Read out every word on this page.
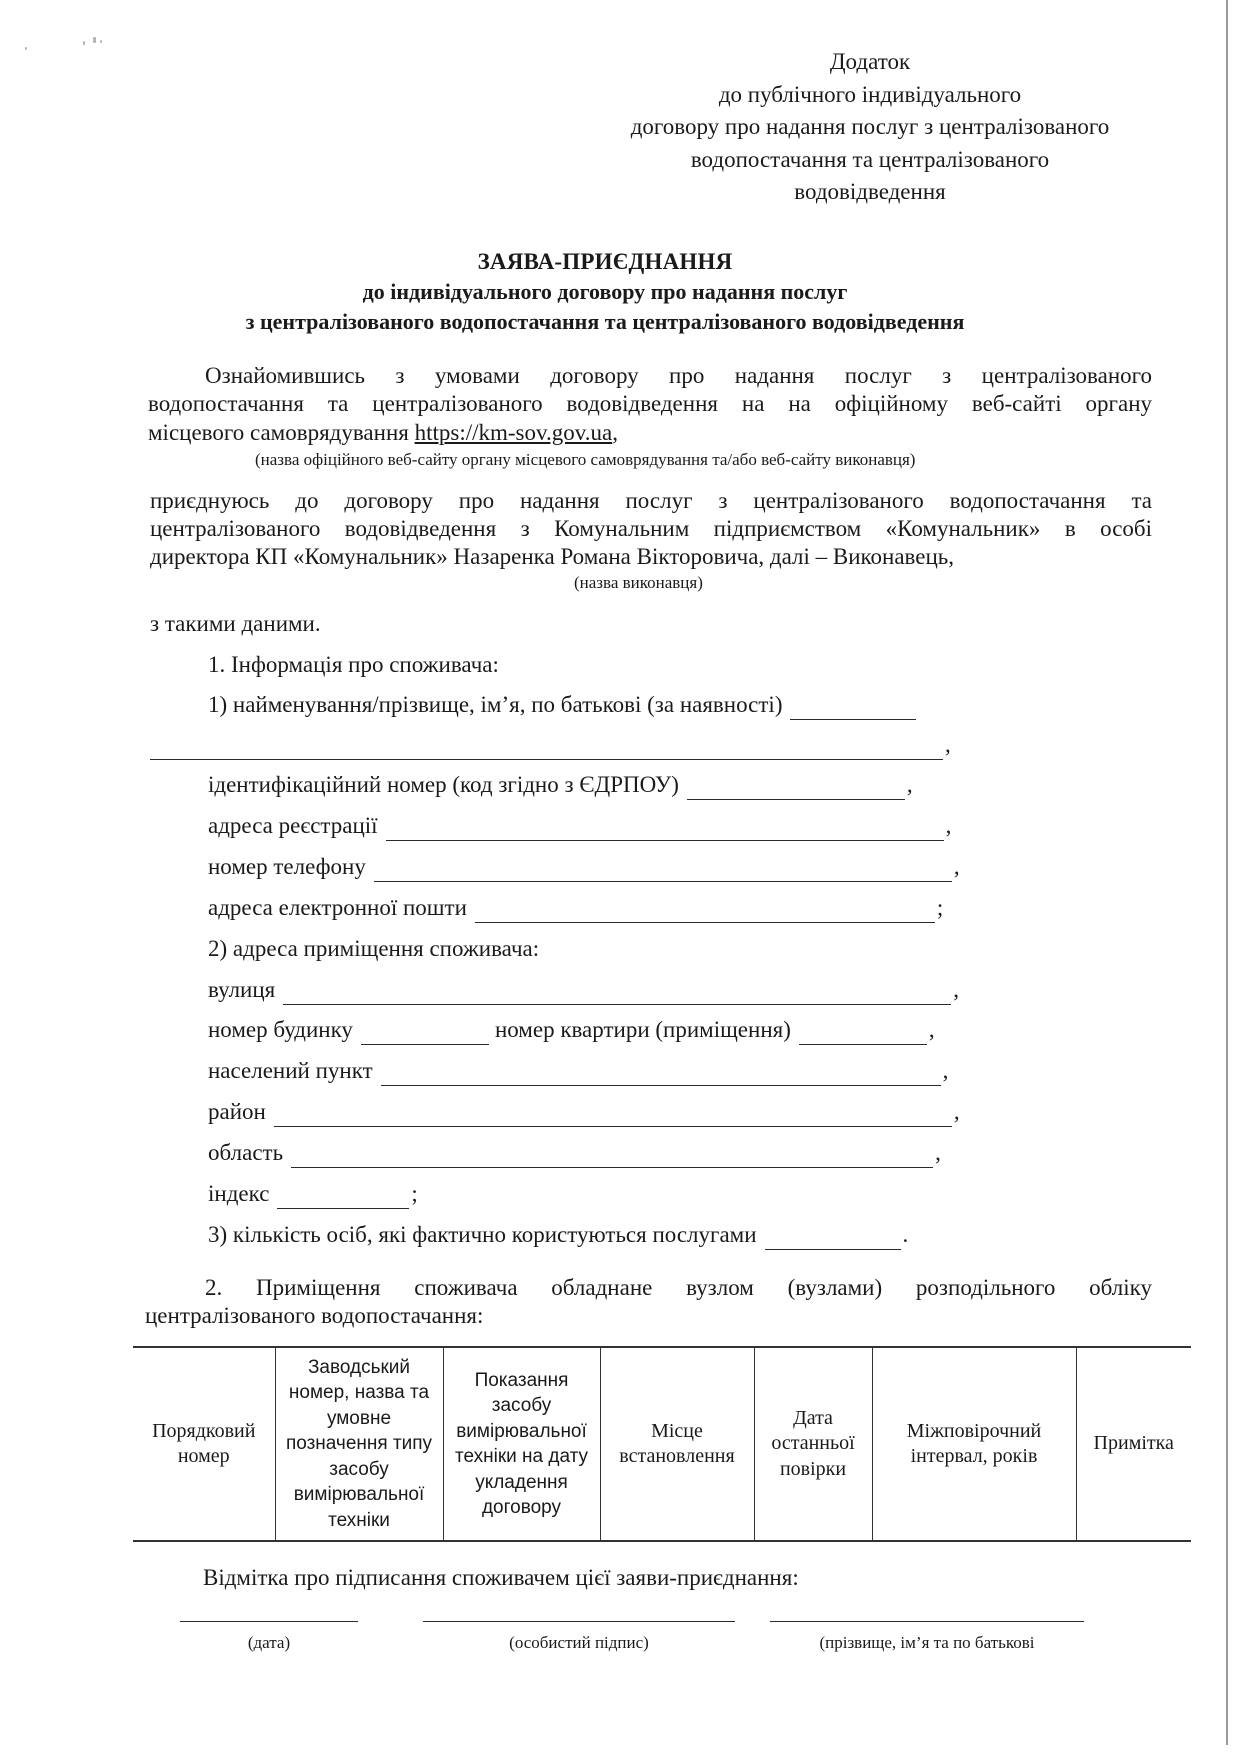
Додаток
до публічного індивідуального
договору про надання послуг з централізованого
водопостачання та централізованого
водовідведення
ЗАЯВА-ПРИЄДНАННЯ
до індивідуального договору про надання послуг
з централізованого водопостачання та централізованого водовідведення
Ознайомившись з умовами договору про надання послуг з централізованого
водопостачання та централізованого водовідведення на на офіційному веб-сайті органу
місцевого самоврядування https://km-sov.gov.ua,
(назва офіційного веб-сайту органу місцевого самоврядування та/або веб-сайту виконавця)
приєднуюсь до договору про надання послуг з централізованого водопостачання та
централізованого водовідведення з Комунальним підприємством «Комунальник» в особі
директора КП «Комунальник» Назаренка Романа Вікторовича, далі – Виконавець,
(назва виконавця)
з такими даними.
1. Інформація про споживача:
1) найменування/прізвище, ім’я, по батькові (за наявності)
,
ідентифікаційний номер (код згідно з ЄДРПОУ)	,
адреса реєстрації	,
номер телефону	,
адреса електронної пошти	;
2) адреса приміщення споживача:
вулиця	,
номер будинку	номер квартири (приміщення)	,
населений пункт	,
район	,
область	,
індекс	;
3) кількість осіб, які фактично користуються послугами	.
2. Приміщення споживача обладнане вузлом (вузлами) розподільного обліку
централізованого водопостачання:
Порядковий номер	Заводський номер, назва та умовне позначення типу засобу вимірювальної техніки	Показання засобу вимірювальної техніки на дату укладення договору	Місце встановлення	Дата останньої повірки	Міжповірочний інтервал, років	Примітка
Відмітка про підписання споживачем цієї заяви-приєднання:
(дата)	(особистий підпис)	(прізвище, ім’я та по батькові
